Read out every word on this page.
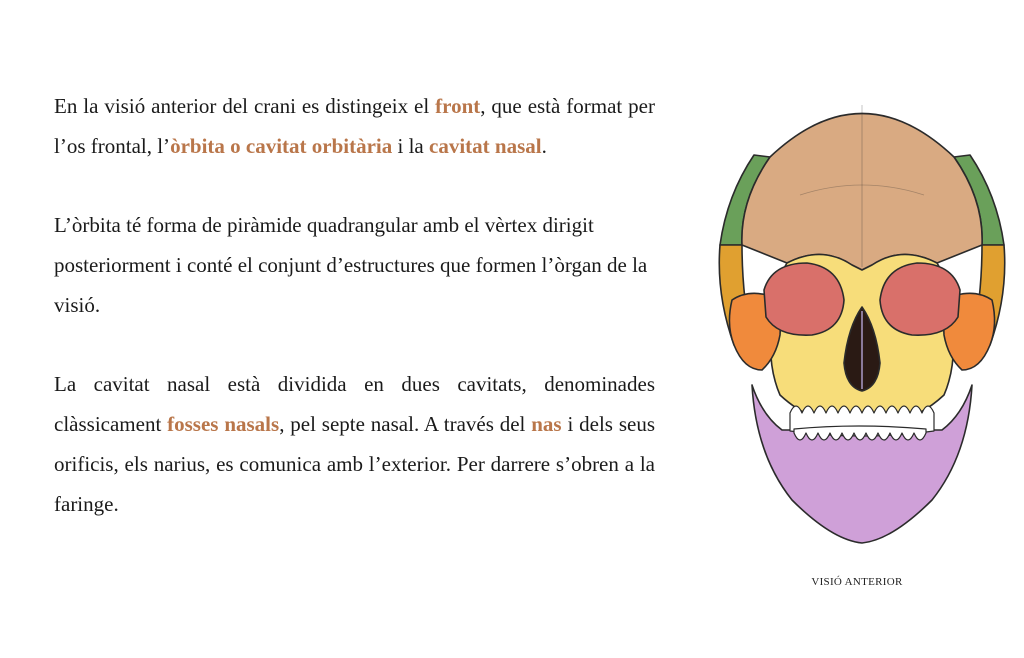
En la visió anterior del crani es distingeix el front, que està format per l’os frontal, l’òrbita o cavitat orbitària i la cavitat nasal.

L’òrbita té forma de piràmide quadrangular amb el vèrtex dirigit posteriorment i conté el conjunt d’estructures que formen l’òrgan de la visió.

La cavitat nasal està dividida en dues cavitats, denominades clàssicament fosses nasals, pel septe nasal. A través del nas i dels seus orificis, els narius, es comunica amb l’exterior. Per darrere s’obren a la faringe.

VISIÓ ANTERIOR
